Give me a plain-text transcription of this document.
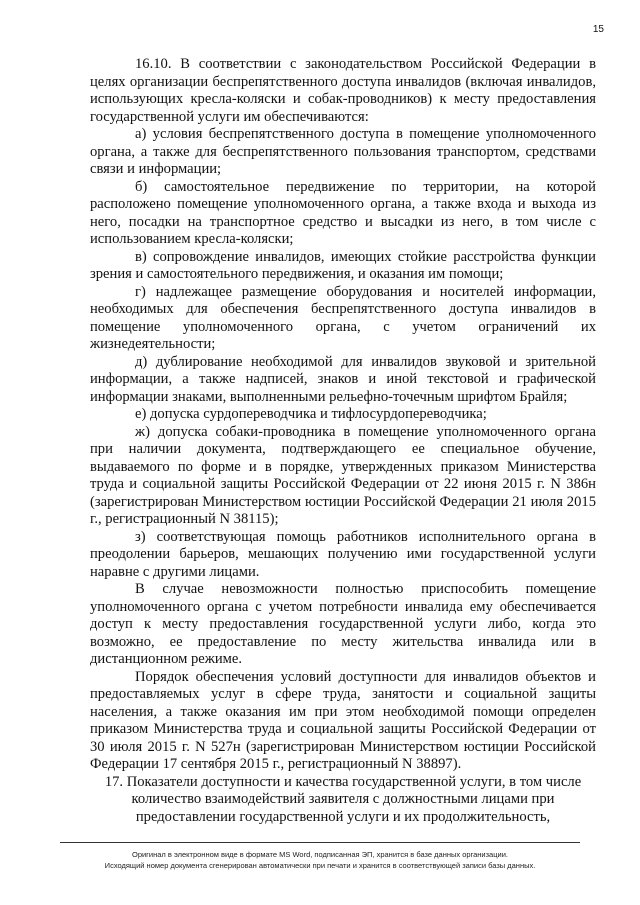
15

16.10. В соответствии с законодательством Российской Федерации в целях организации беспрепятственного доступа инвалидов (включая инвалидов, использующих кресла-коляски и собак-проводников) к месту предоставления государственной услуги им обеспечиваются:

а) условия беспрепятственного доступа в помещение уполномоченного органа, а также для беспрепятственного пользования транспортом, средствами связи и информации;

б) самостоятельное передвижение по территории, на которой расположено помещение уполномоченного органа, а также входа и выхода из него, посадки на транспортное средство и высадки из него, в том числе с использованием кресла-коляски;

в) сопровождение инвалидов, имеющих стойкие расстройства функции зрения и самостоятельного передвижения, и оказания им помощи;

г) надлежащее размещение оборудования и носителей информации, необходимых для обеспечения беспрепятственного доступа инвалидов в помещение уполномоченного органа, с учетом ограничений их жизнедеятельности;

д) дублирование необходимой для инвалидов звуковой и зрительной информации, а также надписей, знаков и иной текстовой и графической информации знаками, выполненными рельефно-точечным шрифтом Брайля;

е) допуска сурдопереводчика и тифлосурдопереводчика;

ж) допуска собаки-проводника в помещение уполномоченного органа при наличии документа, подтверждающего ее специальное обучение, выдаваемого по форме и в порядке, утвержденных приказом Министерства труда и социальной защиты Российской Федерации от 22 июня 2015 г. N 386н (зарегистрирован Министерством юстиции Российской Федерации 21 июля 2015 г., регистрационный N 38115);

з) соответствующая помощь работников исполнительного органа в преодолении барьеров, мешающих получению ими государственной услуги наравне с другими лицами.

В случае невозможности полностью приспособить помещение уполномоченного органа с учетом потребности инвалида ему обеспечивается доступ к месту предоставления государственной услуги либо, когда это возможно, ее предоставление по месту жительства инвалида или в дистанционном режиме.

Порядок обеспечения условий доступности для инвалидов объектов и предоставляемых услуг в сфере труда, занятости и социальной защиты населения, а также оказания им при этом необходимой помощи определен приказом Министерства труда и социальной защиты Российской Федерации от 30 июля 2015 г. N 527н (зарегистрирован Министерством юстиции Российской Федерации 17 сентября 2015 г., регистрационный N 38897).

17. Показатели доступности и качества государственной услуги, в том числе количество взаимодействий заявителя с должностными лицами при предоставлении государственной услуги и их продолжительность,

Оригинал в электронном виде в формате MS Word, подписанная ЭП, хранится в базе данных организации.
Исходящий номер документа сгенерирован автоматически при печати и хранится в соответствующей записи базы данных.
